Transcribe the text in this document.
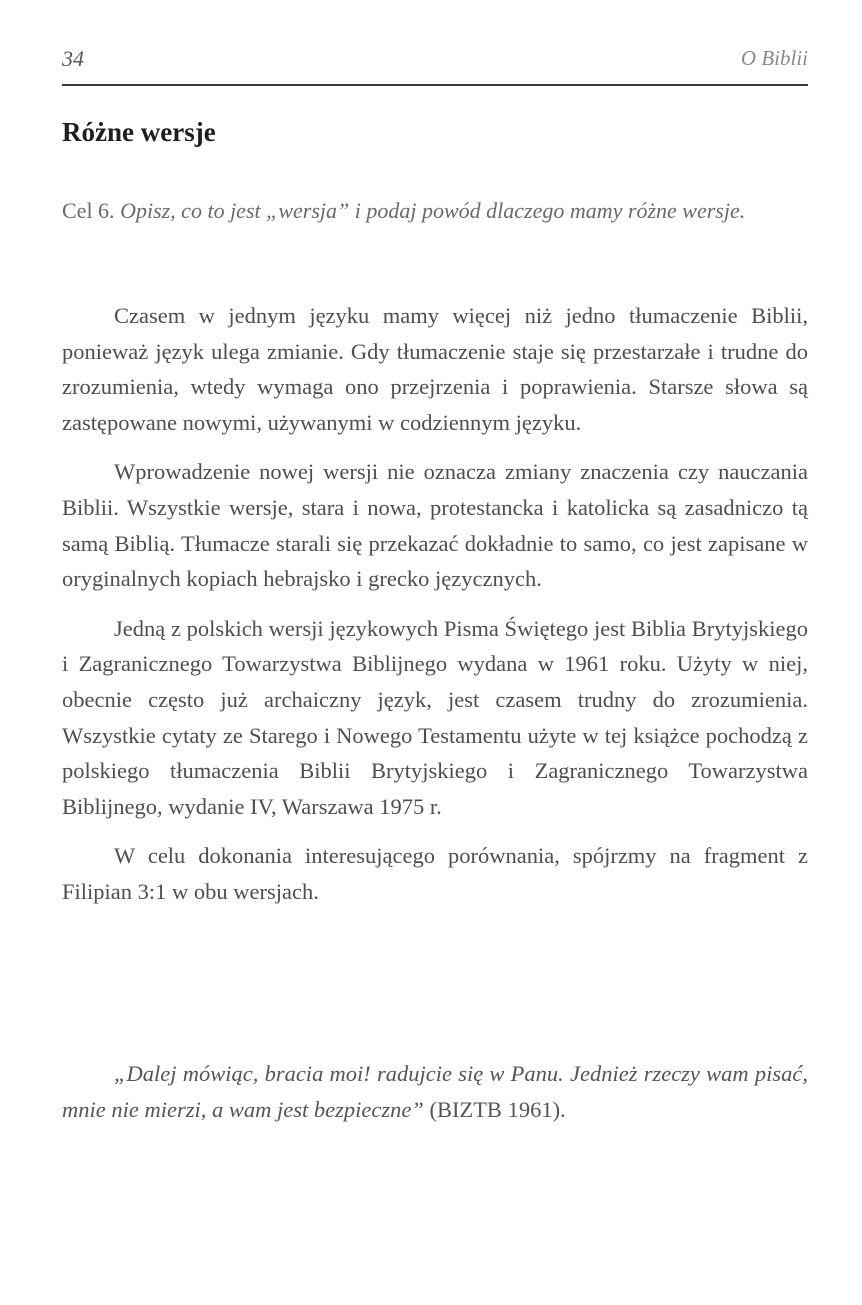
34	O Biblii
Różne wersje
Cel 6. Opisz, co to jest „wersja” i podaj powód dlaczego mamy różne wersje.

Czasem w jednym języku mamy więcej niż jedno tłumaczenie Biblii, ponieważ język ulega zmianie. Gdy tłumaczenie staje się przestarzałe i trudne do zrozumienia, wtedy wymaga ono przejrzenia i poprawienia. Starsze słowa są zastępowane nowymi, używanymi w codziennym języku.

Wprowadzenie nowej wersji nie oznacza zmiany znaczenia czy nauczania Biblii. Wszystkie wersje, stara i nowa, protestancka i katolicka są zasadniczo tą samą Biblią. Tłumacze starali się przekazać dokładnie to samo, co jest zapisane w oryginalnych kopiach hebrajsko i grecko języcznych.

Jedną z polskich wersji językowych Pisma Świętego jest Biblia Brytyjskiego i Zagranicznego Towarzystwa Biblijnego wydana w 1961 roku. Użyty w niej, obecnie często już archaiczny język, jest czasem trudny do zrozumienia. Wszystkie cytaty ze Starego i Nowego Testamentu użyte w tej książce pochodzą z polskiego tłumaczenia Biblii Brytyjskiego i Zagranicznego Towarzystwa Biblijnego, wydanie IV, Warszawa 1975 r.

W celu dokonania interesującego porównania, spójrzmy na fragment z Filipian 3:1 w obu wersjach.

„Dalej mówiąc, bracia moi! radujcie się w Panu. Jednież rzeczy wam pisać, mnie nie mierzi, a wam jest bezpieczne” (BIZTB 1961).
